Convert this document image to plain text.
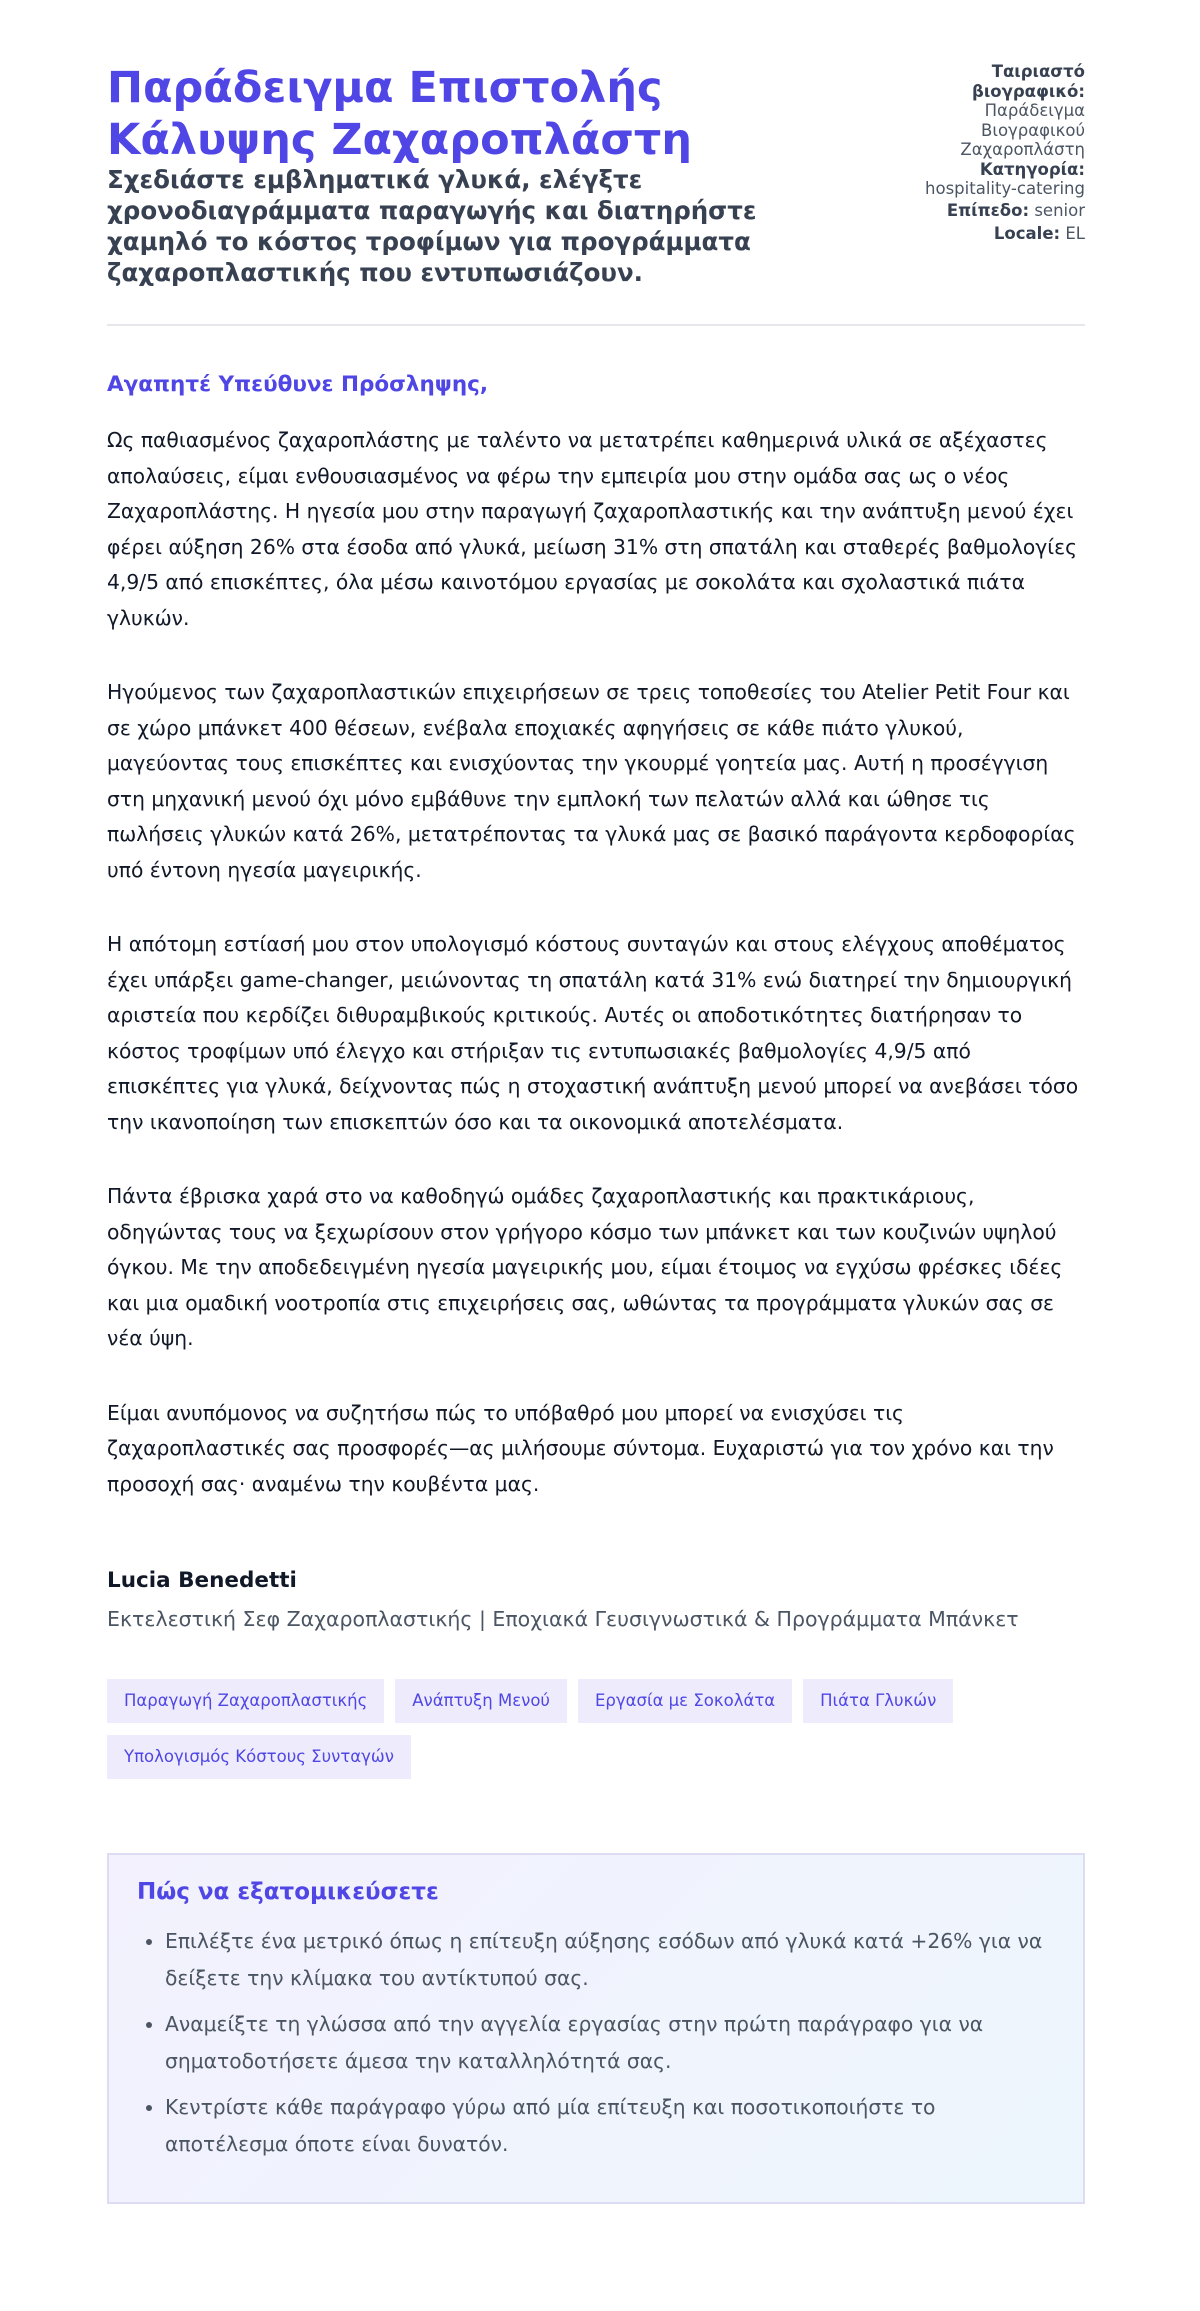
Παράδειγμα Επιστολής Κάλυψης Ζαχαροπλάστη

Σχεδιάστε εμβληματικά γλυκά, ελέγξτε χρονοδιαγράμματα παραγωγής και διατηρήστε χαμηλό το κόστος τροφίμων για προγράμματα ζαχαροπλαστικής που εντυπωσιάζουν.

Ταιριαστό βιογραφικό:
Παράδειγμα Βιογραφικού Ζαχαροπλάστη
Κατηγορία:
hospitality-catering
Επίπεδο: senior
Locale: EL

Αγαπητέ Υπεύθυνε Πρόσληψης,

Ως παθιασμένος ζαχαροπλάστης με ταλέντο να μετατρέπει καθημερινά υλικά σε αξέχαστες απολαύσεις, είμαι ενθουσιασμένος να φέρω την εμπειρία μου στην ομάδα σας ως ο νέος Ζαχαροπλάστης. Η ηγεσία μου στην παραγωγή ζαχαροπλαστικής και την ανάπτυξη μενού έχει φέρει αύξηση 26% στα έσοδα από γλυκά, μείωση 31% στη σπατάλη και σταθερές βαθμολογίες 4,9/5 από επισκέπτες, όλα μέσω καινοτόμου εργασίας με σοκολάτα και σχολαστικά πιάτα γλυκών.

Ηγούμενος των ζαχαροπλαστικών επιχειρήσεων σε τρεις τοποθεσίες του Atelier Petit Four και σε χώρο μπάνκετ 400 θέσεων, ενέβαλα εποχιακές αφηγήσεις σε κάθε πιάτο γλυκού, μαγεύοντας τους επισκέπτες και ενισχύοντας την γκουρμέ γοητεία μας. Αυτή η προσέγγιση στη μηχανική μενού όχι μόνο εμβάθυνε την εμπλοκή των πελατών αλλά και ώθησε τις πωλήσεις γλυκών κατά 26%, μετατρέποντας τα γλυκά μας σε βασικό παράγοντα κερδοφορίας υπό έντονη ηγεσία μαγειρικής.

Η απότομη εστίασή μου στον υπολογισμό κόστους συνταγών και στους ελέγχους αποθέματος έχει υπάρξει game-changer, μειώνοντας τη σπατάλη κατά 31% ενώ διατηρεί την δημιουργική αριστεία που κερδίζει διθυραμβικούς κριτικούς. Αυτές οι αποδοτικότητες διατήρησαν το κόστος τροφίμων υπό έλεγχο και στήριξαν τις εντυπωσιακές βαθμολογίες 4,9/5 από επισκέπτες για γλυκά, δείχνοντας πώς η στοχαστική ανάπτυξη μενού μπορεί να ανεβάσει τόσο την ικανοποίηση των επισκεπτών όσο και τα οικονομικά αποτελέσματα.

Πάντα έβρισκα χαρά στο να καθοδηγώ ομάδες ζαχαροπλαστικής και πρακτικάριους, οδηγώντας τους να ξεχωρίσουν στον γρήγορο κόσμο των μπάνκετ και των κουζινών υψηλού όγκου. Με την αποδεδειγμένη ηγεσία μαγειρικής μου, είμαι έτοιμος να εγχύσω φρέσκες ιδέες και μια ομαδική νοοτροπία στις επιχειρήσεις σας, ωθώντας τα προγράμματα γλυκών σας σε νέα ύψη.

Είμαι ανυπόμονος να συζητήσω πώς το υπόβαθρό μου μπορεί να ενισχύσει τις ζαχαροπλαστικές σας προσφορές—ας μιλήσουμε σύντομα. Ευχαριστώ για τον χρόνο και την προσοχή σας· αναμένω την κουβέντα μας.

Lucia Benedetti

Εκτελεστική Σεφ Ζαχαροπλαστικής | Εποχιακά Γευσιγνωστικά & Προγράμματα Μπάνκετ

Παραγωγή Ζαχαροπλαστικής	Ανάπτυξη Μενού	Εργασία με Σοκολάτα	Πιάτα Γλυκών
Υπολογισμός Κόστους Συνταγών
Πώς να εξατομικεύσετε
• Επιλέξτε ένα μετρικό όπως η επίτευξη αύξησης εσόδων από γλυκά κατά +26% για να δείξετε την κλίμακα του αντίκτυπού σας.
• Αναμείξτε τη γλώσσα από την αγγελία εργασίας στην πρώτη παράγραφο για να σηματοδοτήσετε άμεσα την καταλληλότητά σας.
• Κεντρίστε κάθε παράγραφο γύρω από μία επίτευξη και ποσοτικοποιήστε το αποτέλεσμα όποτε είναι δυνατόν.
